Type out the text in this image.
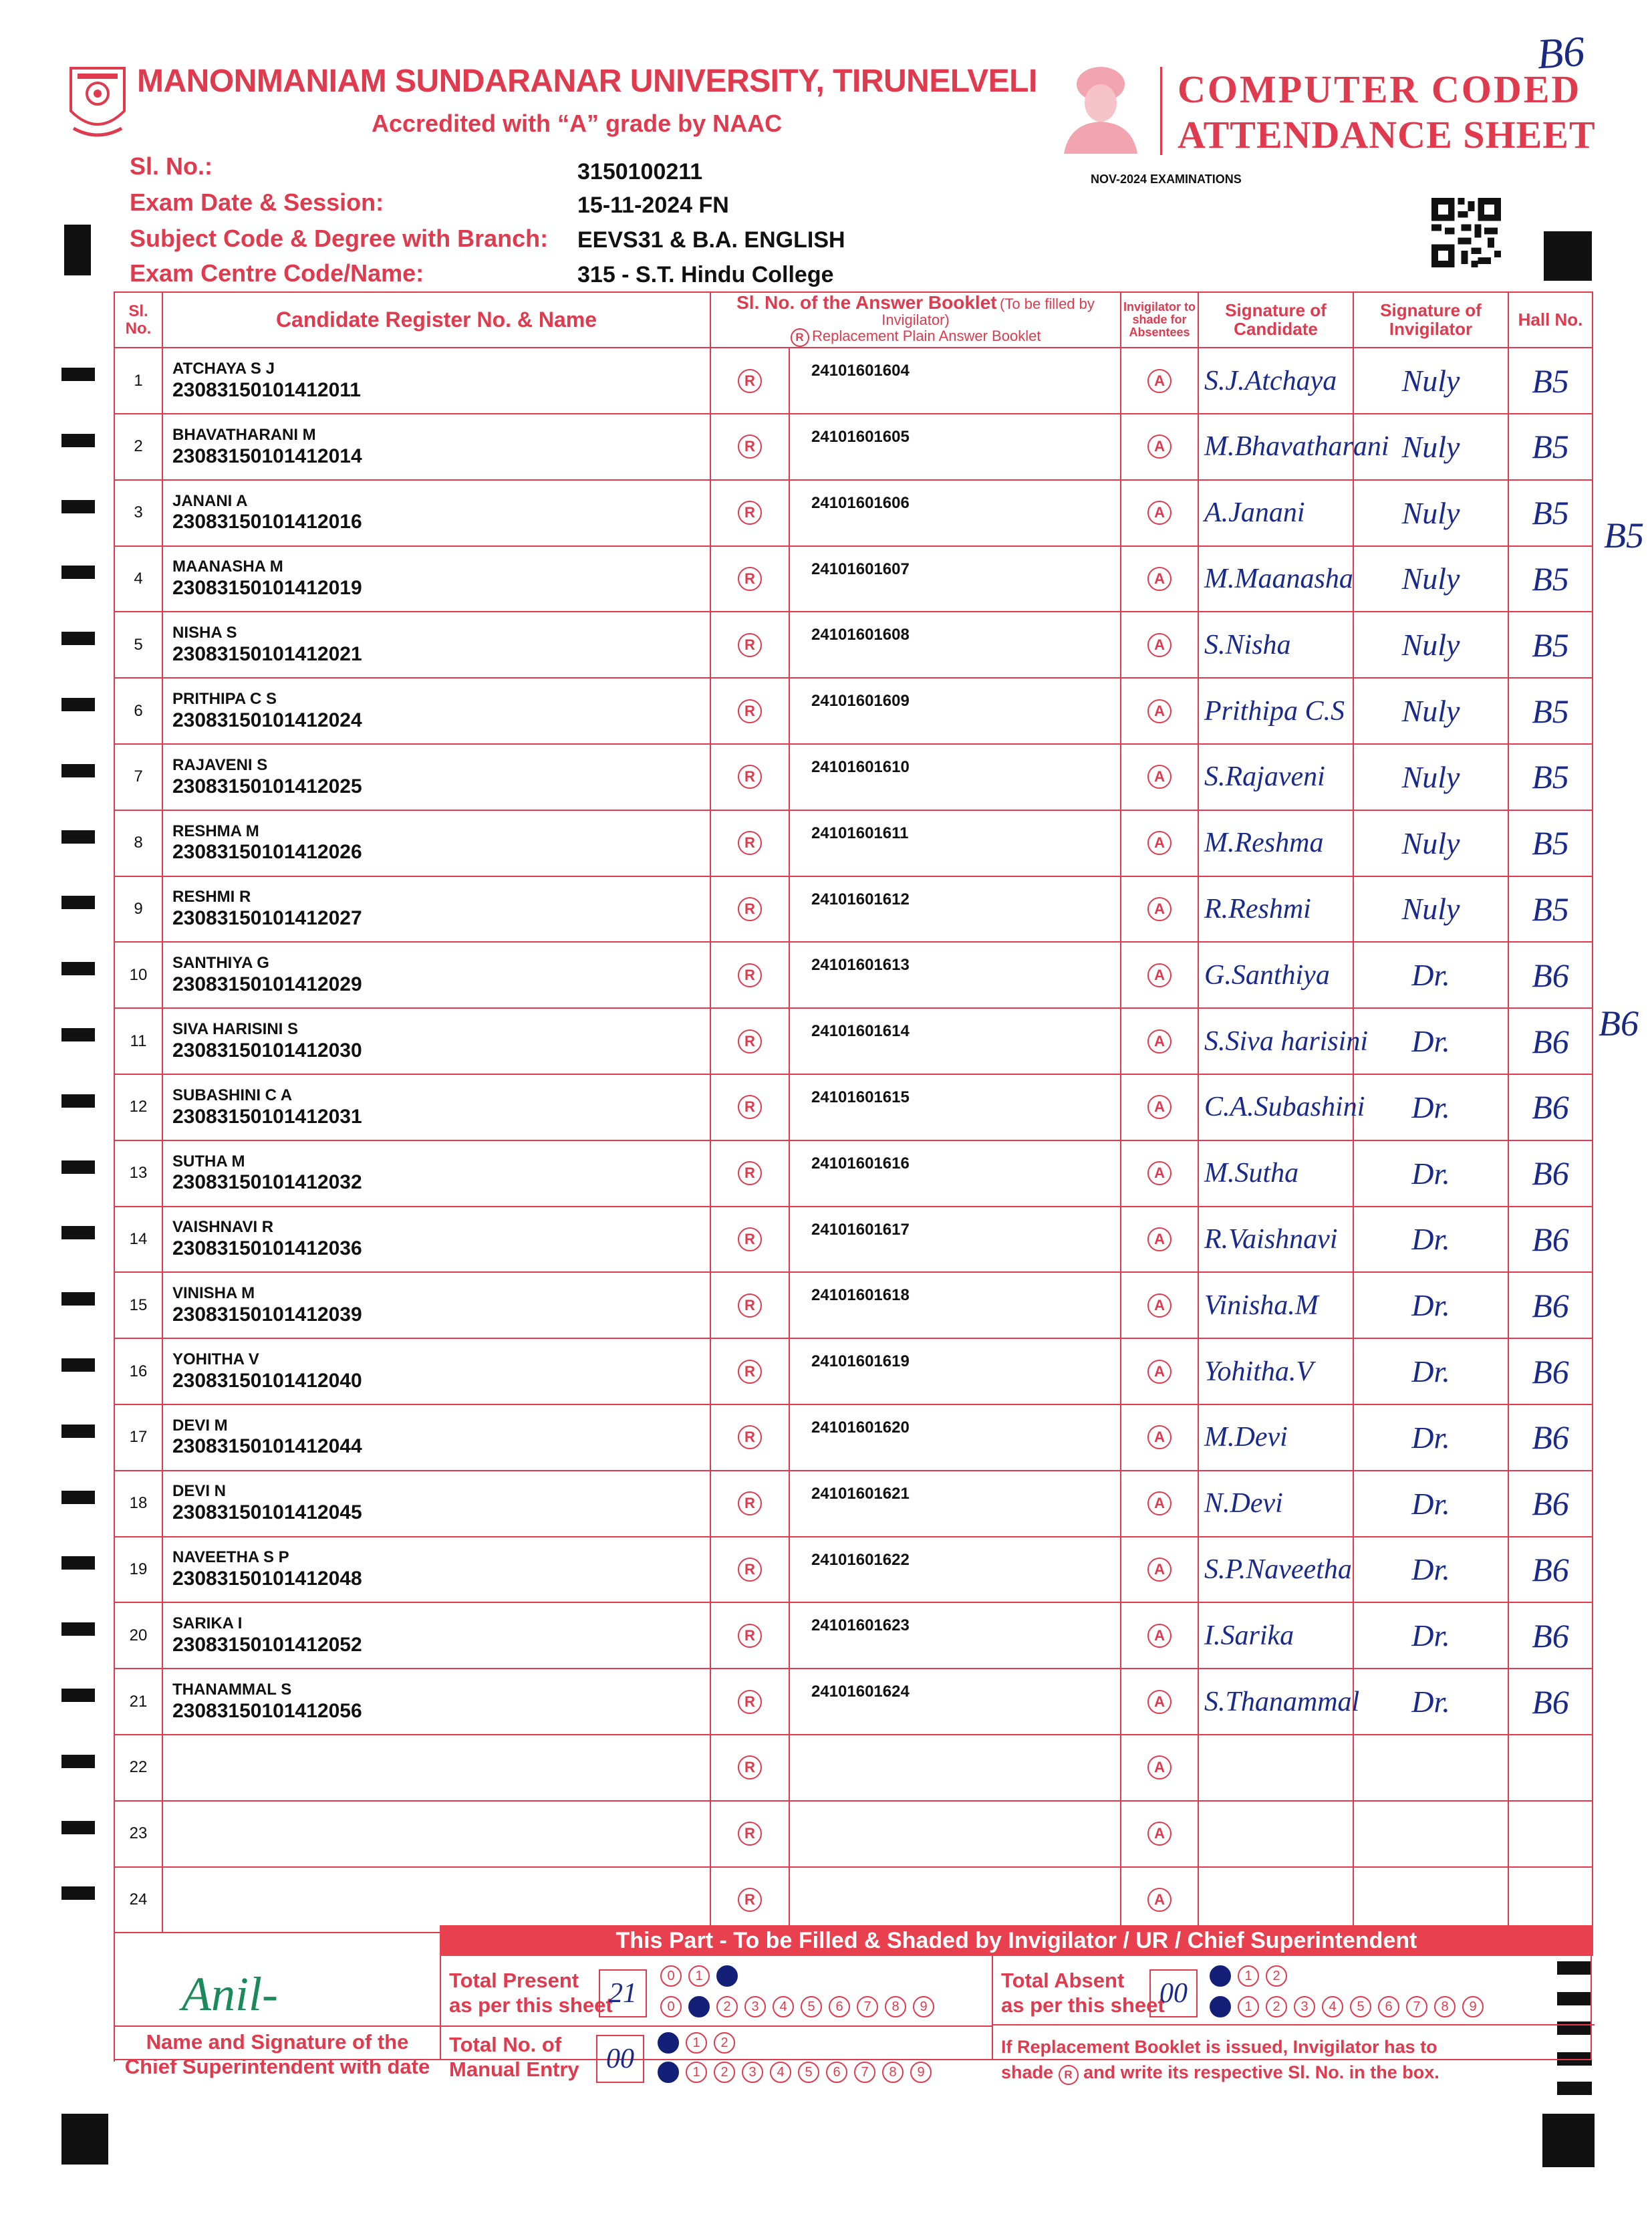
MANONMANIAM SUNDARANAR UNIVERSITY, TIRUNELVELI
Accredited with “A” grade by NAAC
COMPUTER CODED
ATTENDANCE SHEET
B6
NOV-2024 EXAMINATIONS
Sl. No.:	3150100211
Exam Date & Session:	15-11-2024 FN
Subject Code & Degree with Branch: EEVS31 & B.A. ENGLISH
Exam Centre Code/Name:	315 - S.T. Hindu College
Sl. No.	Candidate Register No. & Name	Sl. No. of the Answer Booklet (To be filled by Invigilator)
R Replacement Plain Answer Booklet		Invigilator to shade for Absentees	Signature of Candidate	Signature of Invigilator	Hall No.
1	ATCHAYA S J
23083150101412011	R	24101601604	A	S.J.Atchaya	Nuly	B5
2	BHAVATHARANI M
23083150101412014	R	24101601605	A	M.Bhavatharani	Nuly	B5
3	JANANI A
23083150101412016	R	24101601606	A	A.Janani	Nuly	B5
4	MAANASHA M
23083150101412019	R	24101601607	A	M.Maanasha	Nuly	B5
5	NISHA S
23083150101412021	R	24101601608	A	S.Nisha	Nuly	B5
6	PRITHIPA C S
23083150101412024	R	24101601609	A	Prithipa C.S	Nuly	B5
7	RAJAVENI S
23083150101412025	R	24101601610	A	S.Rajaveni	Nuly	B5
8	RESHMA M
23083150101412026	R	24101601611	A	M.Reshma	Nuly	B5
9	RESHMI R
23083150101412027	R	24101601612	A	R.Reshmi	Nuly	B5
10	SANTHIYA G
23083150101412029	R	24101601613	A	G.Santhiya	Dr.	B6
11	SIVA HARISINI S
23083150101412030	R	24101601614	A	S.Siva harisini	Dr.	B6
12	SUBASHINI C A
23083150101412031	R	24101601615	A	C.A.Subashini	Dr.	B6
13	SUTHA M
23083150101412032	R	24101601616	A	M.Sutha	Dr.	B6
14	VAISHNAVI R
23083150101412036	R	24101601617	A	R.Vaishnavi	Dr.	B6
15	VINISHA M
23083150101412039	R	24101601618	A	Vinisha.M	Dr.	B6
16	YOHITHA V
23083150101412040	R	24101601619	A	Yohitha.V	Dr.	B6
17	DEVI M
23083150101412044	R	24101601620	A	M.Devi	Dr.	B6
18	DEVI N
23083150101412045	R	24101601621	A	N.Devi	Dr.	B6
19	NAVEETHA S P
23083150101412048	R	24101601622	A	S.P.Naveetha	Dr.	B6
20	SARIKA I
23083150101412052	R	24101601623	A	I.Sarika	Dr.	B6
21	THANAMMAL S
23083150101412056	R	24101601624	A	S.Thanammal	Dr.	B6
22		R		A			
23		R		A			
24		R		A			
This Part - To be Filled & Shaded by Invigilator / UR / Chief Superintendent
Anil-
Name and Signature of the
Chief Superintendent with date
Total Present
as per this sheet
21
0 1 2
0 1 2 3 4 5 6 7 8 9
Total Absent
as per this sheet
00
0 1 2
0 1 2 3 4 5 6 7 8 9
Total No. of
Manual Entry 00
0 1 2
0 1 2 3 4 5 6 7 8 9
If Replacement Booklet is issued, Invigilator has to
shade R and write its respective Sl. No. in the box.
B5
B6
